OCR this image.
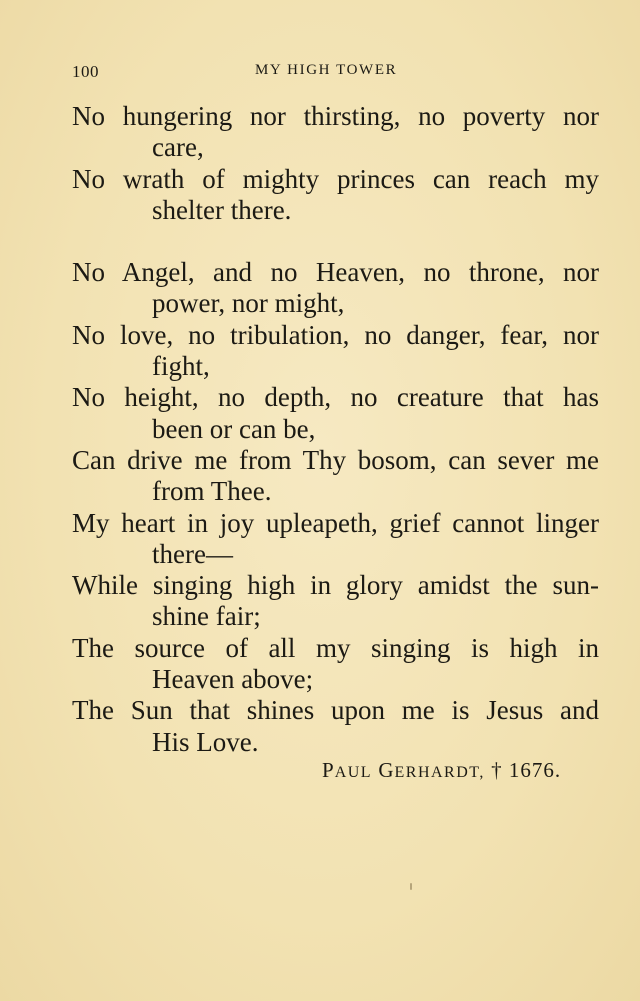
100	MY HIGH TOWER
No hungering nor thirsting, no poverty nor
care,
No wrath of mighty princes can reach my
shelter there.
No Angel, and no Heaven, no throne, nor
power, nor might,
No love, no tribulation, no danger, fear, nor
fight,
No height, no depth, no creature that has
been or can be,
Can drive me from Thy bosom, can sever me
from Thee.
My heart in joy upleapeth, grief cannot linger
there—
While singing high in glory amidst the sun-
shine fair;
The source of all my singing is high in
Heaven above;
The Sun that shines upon me is Jesus and
His Love.
PAUL GERHARDT, † 1676.
